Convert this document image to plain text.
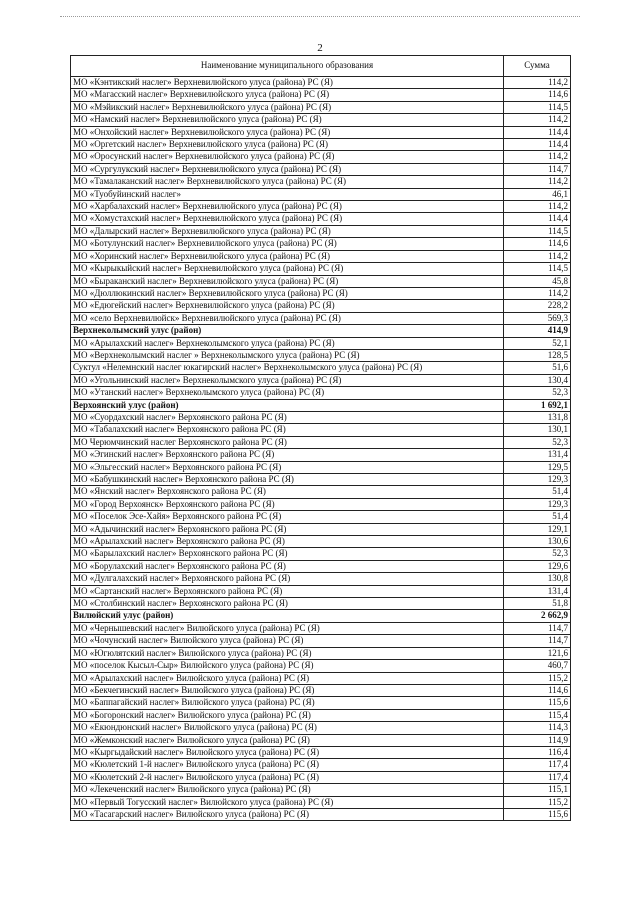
2
Наименование муниципального образования	Сумма
МО «Кэнтикский наслег» Верхневилюйского улуса (района) РС (Я)	114,2
МО «Магасский наслег» Верхневилюйского улуса (района) РС (Я)	114,6
МО «Мэйикский наслег» Верхневилюйского улуса (района) РС (Я)	114,5
МО «Намский наслег» Верхневилюйского улуса (района) РС (Я)	114,2
МО «Онхойский наслег» Верхневилюйского улуса (района) РС (Я)	114,4
МО «Оргетский наслег» Верхневилюйского улуса (района) РС (Я)	114,4
МО «Оросунский наслег» Верхневилюйского улуса (района) РС (Я)	114,2
МО «Сургулукский наслег» Верхневилюйского улуса (района) РС (Я)	114,7
МО «Тамалаканский наслег» Верхневилюйского улуса (района) РС (Я)	114,2
МО «Туобуйинский наслег»	46,1
МО «Харбалахский наслег» Верхневилюйского улуса (района) РС (Я)	114,2
МО «Хомустахский наслег» Верхневилюйского улуса (района) РС (Я)	114,4
МО «Далырский наслег» Верхневилюйского улуса (района) РС (Я)	114,5
МО «Ботулунский наслег» Верхневилюйского улуса (района) РС (Я)	114,6
МО «Хоринский наслег» Верхневилюйского улуса (района) РС (Я)	114,2
МО «Кырыкыйский наслег» Верхневилюйского улуса (района) РС (Я)	114,5
МО «Быраканский наслег» Верхневилюйского улуса (района) РС (Я)	45,8
МО «Дюллюкинский наслег» Верхневилюйского улуса (района) РС (Я)	114,2
МО «Едюгейский наслег» Верхневилюйского улуса (района) РС (Я)	228,2
МО «село Верхневилюйск» Верхневилюйского улуса (района) РС (Я)	569,3
Верхнеколымский улус (район)	414,9
МО «Арылахский наслег» Верхнеколымского улуса (района) РС (Я)	52,1
МО «Верхнеколымский наслег » Верхнеколымского улуса (района) РС (Я)	128,5
Суктул «Нелемнский наслег юкагирский наслег» Верхнеколымского улуса (района) РС (Я)	51,6
МО «Угольнинский наслег» Верхнеколымского улуса (района) РС (Я)	130,4
МО «Утанский наслег» Верхнеколымского улуса (района) РС (Я)	52,3
Верхоянский улус (район)	1 692,1
МО «Суордахский наслег» Верхоянского района РС (Я)	131,8
МО «Табалахский наслег» Верхоянского района РС (Я)	130,1
МО Черюмчинский наслег Верхоянского района РС (Я)	52,3
МО «Эгинский наслег» Верхоянского района РС (Я)	131,4
МО «Эльгесский наслег» Верхоянского района РС (Я)	129,5
МО «Бабушкинский наслег» Верхоянского района РС (Я)	129,3
МО «Янский наслег» Верхоянского района РС (Я)	51,4
МО «Город Верхоянск» Верхоянского района РС (Я)	129,3
МО «Поселок Эсе-Хайя» Верхоянского района РС (Я)	51,4
МО «Адычинский наслег» Верхоянского района РС (Я)	129,1
МО «Арылахский наслег» Верхоянского района РС (Я)	130,6
МО «Барылахский наслег» Верхоянского района РС (Я)	52,3
МО «Борулахский наслег» Верхоянского района РС (Я)	129,6
МО «Дулгалахский наслег» Верхоянского района РС (Я)	130,8
МО «Сартанский наслег» Верхоянского района РС (Я)	131,4
МО «Столбинский наслег» Верхоянского района РС (Я)	51,8
Вилюйский улус (район)	2 662,9
МО «Чернышевский наслег» Вилюйского улуса (района) РС (Я)	114,7
МО «Чочунский наслег» Вилюйского улуса (района) РС (Я)	114,7
МО «Югюлятский наслег» Вилюйского улуса (района) РС (Я)	121,6
МО «поселок Кысыл-Сыр» Вилюйского улуса (района) РС (Я)	460,7
МО «Арылахский наслег» Вилюйского улуса (района) РС (Я)	115,2
МО «Бекчегинский наслег» Вилюйского улуса (района) РС (Я)	114,6
МО «Баппагайский наслег» Вилюйского улуса (района) РС (Я)	115,6
МО «Богоронский наслег» Вилюйского улуса (района) РС (Я)	115,4
МО «Екюндюнский наслег» Вилюйского улуса (района) РС (Я)	114,3
МО «Жемконский наслег» Вилюйского улуса (района) РС (Я)	114,9
МО «Кыргыдайский наслег» Вилюйского улуса (района) РС (Я)	116,4
МО «Кюлетский 1-й наслег» Вилюйского улуса (района) РС (Я)	117,4
МО «Кюлетский 2-й наслег» Вилюйского улуса (района) РС (Я)	117,4
МО «Лекеченский наслег» Вилюйского улуса (района) РС (Я)	115,1
МО «Первый Тогусский наслег» Вилюйского улуса (района) РС (Я)	115,2
МО «Тасагарский наслег» Вилюйского улуса (района) РС (Я)	115,6
